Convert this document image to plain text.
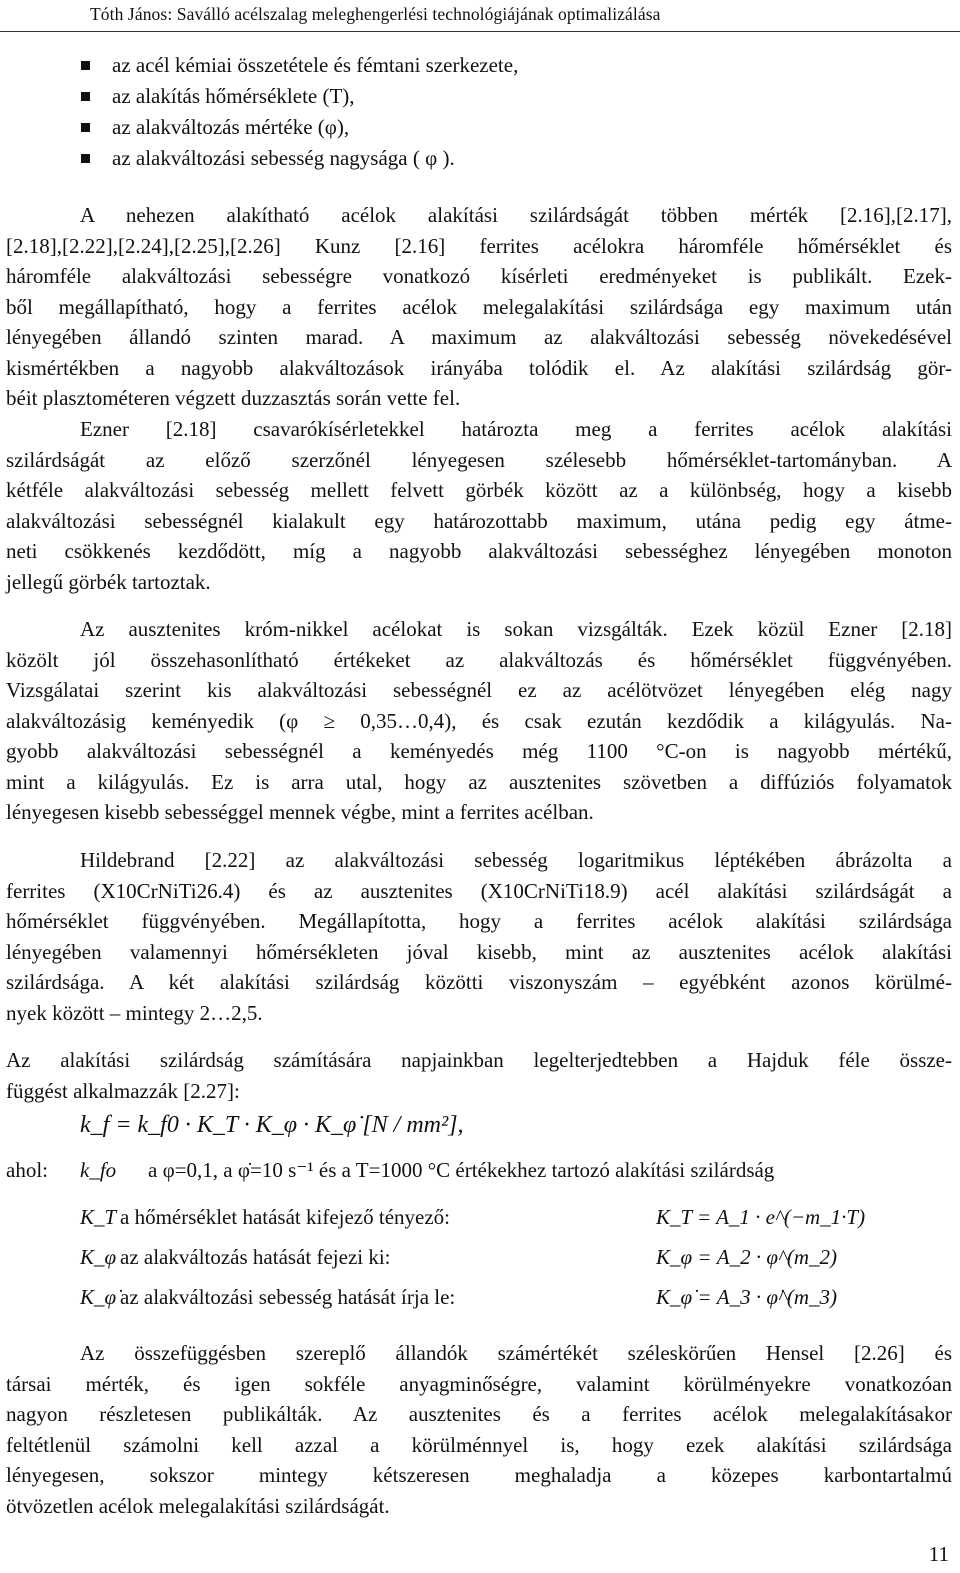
Tóth János: Saválló acélszalag meleghengerlési technológiájának optimalizálása
az acél kémiai összetétele és fémtani szerkezete,
az alakítás hőmérséklete (T),
az alakváltozás mértéke (φ),
az alakváltozási sebesség nagysága ( φ ).
A nehezen alakítható acélok alakítási szilárdságát többen mérték [2.16],[2.17],
[2.18],[2.22],[2.24],[2.25],[2.26] Kunz [2.16] ferrites acélokra háromféle hőmérséklet és
háromféle alakváltozási sebességre vonatkozó kísérleti eredményeket is publikált. Ezek-
ből megállapítható, hogy a ferrites acélok melegalakítási szilárdsága egy maximum után
lényegében állandó szinten marad. A maximum az alakváltozási sebesség növekedésével
kismértékben a nagyobb alakváltozások irányába tolódik el. Az alakítási szilárdság gör-
béit plasztométeren végzett duzzasztás során vette fel.
Ezner [2.18] csavarókísérletekkel határozta meg a ferrites acélok alakítási
szilárdságát az előző szerzőnél lényegesen szélesebb hőmérséklet-tartományban. A
kétféle alakváltozási sebesség mellett felvett görbék között az a különbség, hogy a kisebb
alakváltozási sebességnél kialakult egy határozottabb maximum, utána pedig egy átme-
neti csökkenés kezdődött, míg a nagyobb alakváltozási sebességhez lényegében monoton
jellegű görbék tartoztak.
Az ausztenites króm-nikkel acélokat is sokan vizsgálták. Ezek közül Ezner [2.18]
közölt jól összehasonlítható értékeket az alakváltozás és hőmérséklet függvényében.
Vizsgálatai szerint kis alakváltozási sebességnél ez az acélötvözet lényegében elég nagy
alakváltozásig keményedik (φ ≥ 0,35…0,4), és csak ezután kezdődik a kilágyulás. Na-
gyobb alakváltozási sebességnél a keményedés még 1100 °C-on is nagyobb mértékű,
mint a kilágyulás. Ez is arra utal, hogy az ausztenites szövetben a diffúziós folyamatok
lényegesen kisebb sebességgel mennek végbe, mint a ferrites acélban.
Hildebrand [2.22] az alakváltozási sebesség logaritmikus léptékében ábrázolta a
ferrites (X10CrNiTi26.4) és az ausztenites (X10CrNiTi18.9) acél alakítási szilárdságát a
hőmérséklet függvényében. Megállapította, hogy a ferrites acélok alakítási szilárdsága
lényegében valamennyi hőmérsékleten jóval kisebb, mint az ausztenites acélok alakítási
szilárdsága. A két alakítási szilárdság közötti viszonyszám – egyébként azonos körülmé-
nyek között – mintegy 2…2,5.
Az alakítási szilárdság számítására napjainkban legelterjedtebben a Hajduk féle össze-
függést alkalmazzák [2.27]:
k_f = k_f0 · K_T · K_φ · K_φ̇ [N / mm²],
ahol: k_fo a φ=0,1, a φ̇=10 s⁻¹ és a T=1000 °C értékekhez tartozó alakítási szilárdság
K_T a hőmérséklet hatását kifejező tényező:	K_T = A_1 · e^(−m_1·T)
K_φ az alakváltozás hatását fejezi ki:	K_φ = A_2 · φ^(m_2)
K_φ̇ az alakváltozási sebesség hatását írja le:	K_φ̇ = A_3 · φ̇^(m_3)
Az összefüggésben szereplő állandók számértékét széleskörűen Hensel [2.26] és
társai mérték, és igen sokféle anyagminőségre, valamint körülményekre vonatkozóan
nagyon részletesen publikálták. Az ausztenites és a ferrites acélok melegalakításakor
feltétlenül számolni kell azzal a körülménnyel is, hogy ezek alakítási szilárdsága
lényegesen, sokszor mintegy kétszeresen meghaladja a közepes karbontartalmú
ötvözetlen acélok melegalakítási szilárdságát.
11
